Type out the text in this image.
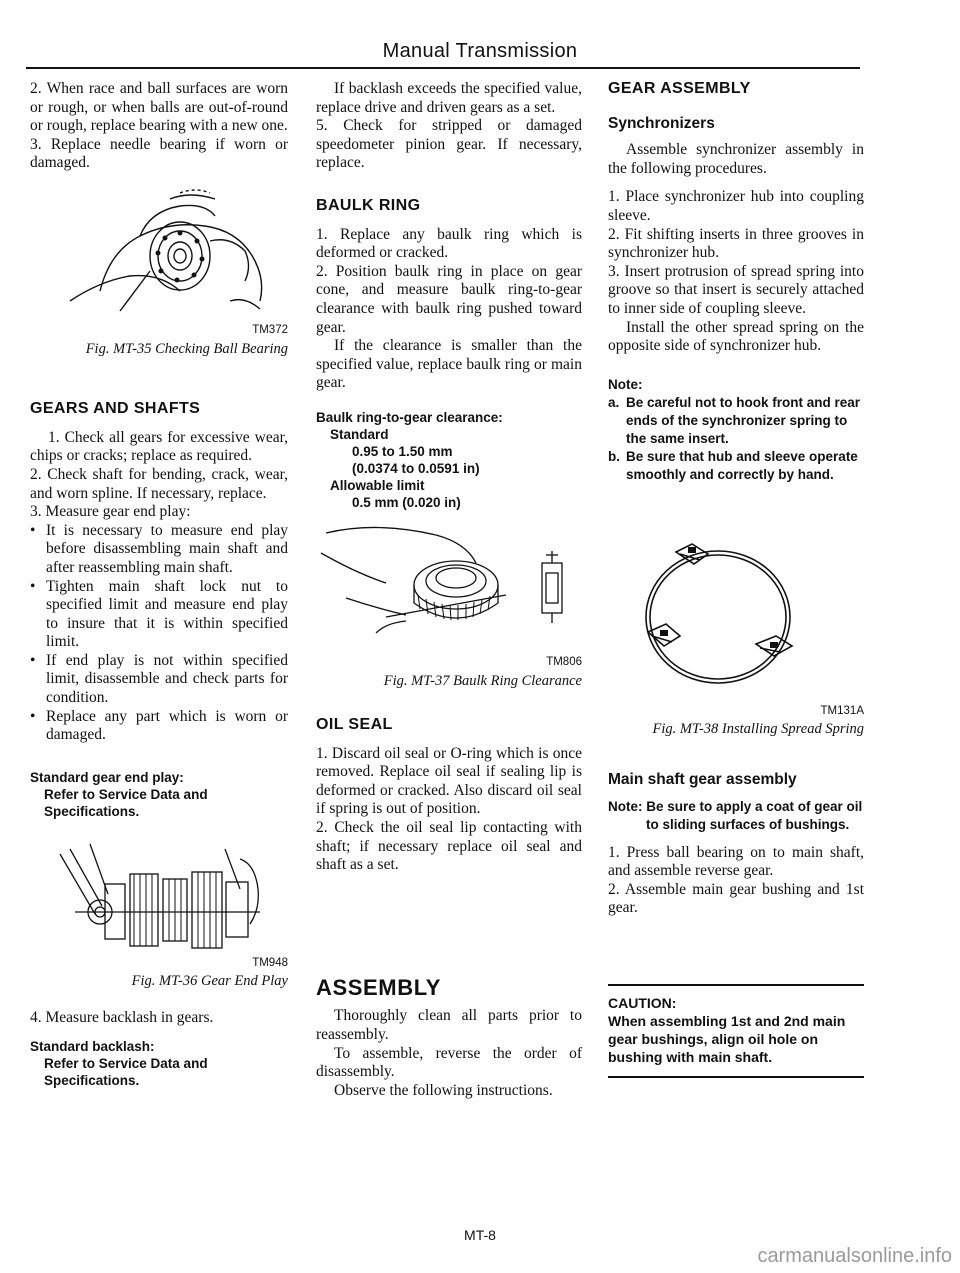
Manual Transmission

2. When race and ball surfaces are worn or rough, or when balls are out-of-round or rough, replace bearing with a new one.

3. Replace needle bearing if worn or damaged.

TM372
Fig. MT-35 Checking Ball Bearing
GEARS AND SHAFTS

1. Check all gears for excessive wear, chips or cracks; replace as required.

2. Check shaft for bending, crack, wear, and worn spline. If necessary, replace.

3. Measure gear end play:

• It is necessary to measure end play before disassembling main shaft and after reassembling main shaft.
• Tighten main shaft lock nut to specified limit and measure end play to insure that it is within specified limit.
• If end play is not within specified limit, disassemble and check parts for condition.
• Replace any part which is worn or damaged.
Standard gear end play:
Refer to Service Data and
Specifications.
TM948
Fig. MT-36 Gear End Play

4. Measure backlash in gears.

Standard backlash:
Refer to Service Data and
Specifications.

If backlash exceeds the specified value, replace drive and driven gears as a set.

5. Check for stripped or damaged speedometer pinion gear. If necessary, replace.

BAULK RING

1. Replace any baulk ring which is deformed or cracked.

2. Position baulk ring in place on gear cone, and measure baulk ring-to-gear clearance with baulk ring pushed toward gear.

If the clearance is smaller than the specified value, replace baulk ring or main gear.

Baulk ring-to-gear clearance:
Standard
0.95 to 1.50 mm
(0.0374 to 0.0591 in)
Allowable limit
0.5 mm (0.020 in)
TM806
Fig. MT-37 Baulk Ring Clearance
OIL SEAL

1. Discard oil seal or O-ring which is once removed. Replace oil seal if sealing lip is deformed or cracked. Also discard oil seal if spring is out of position.

2. Check the oil seal lip contacting with shaft; if necessary replace oil seal and shaft as a set.

ASSEMBLY

Thoroughly clean all parts prior to reassembly.

To assemble, reverse the order of disassembly.

Observe the following instructions.

GEAR ASSEMBLY
Synchronizers

Assemble synchronizer assembly in the following procedures.

1. Place synchronizer hub into coupling sleeve.

2. Fit shifting inserts in three grooves in synchronizer hub.

3. Insert protrusion of spread spring into groove so that insert is securely attached to inner side of coupling sleeve.

Install the other spread spring on the opposite side of synchronizer hub.

Note:
a. Be careful not to hook front and rear ends of the synchronizer spring to the same insert.
b. Be sure that hub and sleeve operate smoothly and correctly by hand.
TM131A
Fig. MT-38 Installing Spread Spring
Main shaft gear assembly
Note: Be sure to apply a coat of gear oil to sliding surfaces of bushings.

1. Press ball bearing on to main shaft, and assemble reverse gear.

2. Assemble main gear bushing and 1st gear.

CAUTION:
When assembling 1st and 2nd main gear bushings, align oil hole on bushing with main shaft.
MT-8
carmanualsonline.info
